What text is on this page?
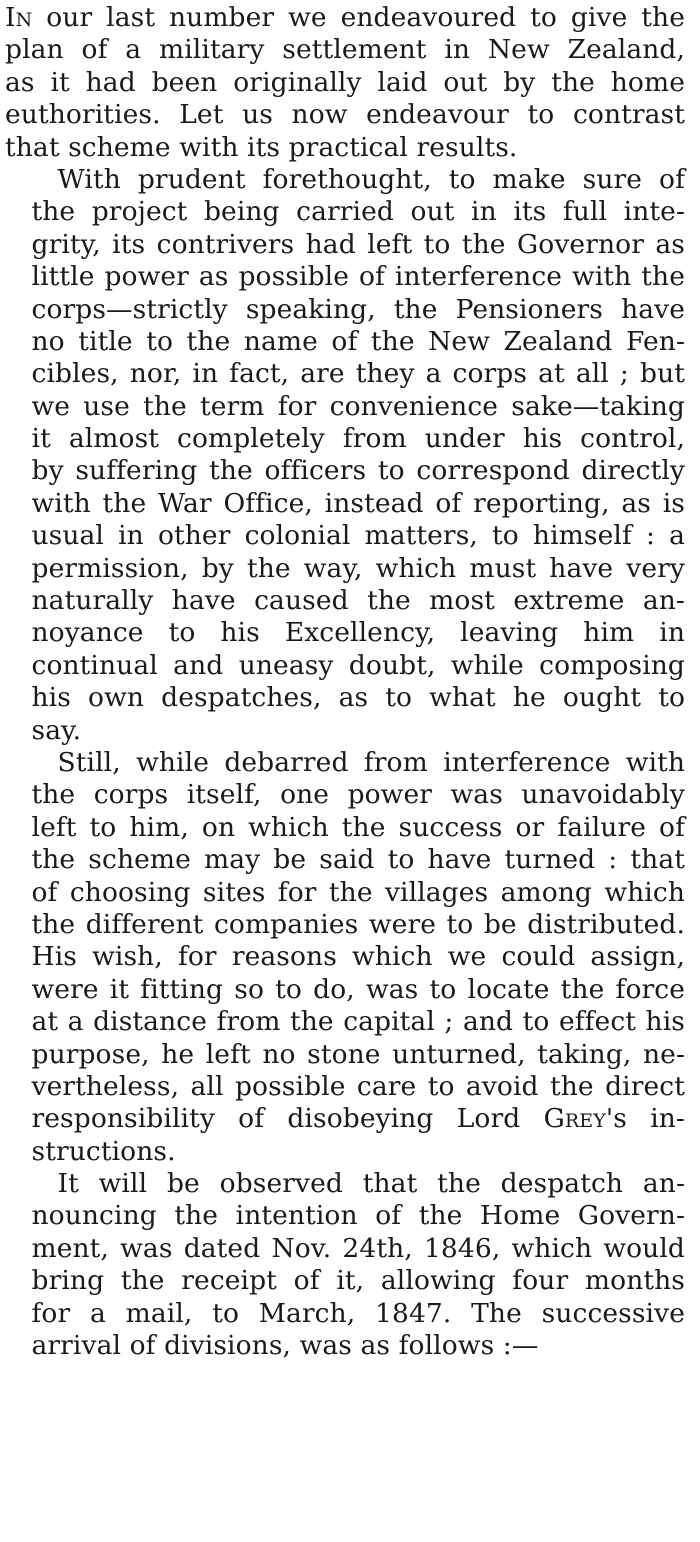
In our last number we endeavoured to give the
plan of a military settlement in New Zealand,
as it had been originally laid out by the home
euthorities. Let us now endeavour to contrast
that scheme with its practical results.
With prudent forethought, to make sure of
the project being carried out in its full inte-
grity, its contrivers had left to the Governor as
little power as possible of interference with the
corps—strictly speaking, the Pensioners have
no title to the name of the New Zealand Fen-
cibles, nor, in fact, are they a corps at all ; but
we use the term for convenience sake—taking
it almost completely from under his control,
by suffering the officers to correspond directly
with the War Office, instead of reporting, as is
usual in other colonial matters, to himself : a
permission, by the way, which must have very
naturally have caused the most extreme an-
noyance to his Excellency, leaving him in
continual and uneasy doubt, while composing
his own despatches, as to what he ought to
say.
Still, while debarred from interference with
the corps itself, one power was unavoidably
left to him, on which the success or failure of
the scheme may be said to have turned : that
of choosing sites for the villages among which
the different companies were to be distributed.
His wish, for reasons which we could assign,
were it fitting so to do, was to locate the force
at a distance from the capital ; and to effect his
purpose, he left no stone unturned, taking, ne-
vertheless, all possible care to avoid the direct
responsibility of disobeying Lord Grey's in-
structions.
It will be observed that the despatch an-
nouncing the intention of the Home Govern-
ment, was dated Nov. 24th, 1846, which would
bring the receipt of it, allowing four months
for a mail, to March, 1847. The successive
arrival of divisions, was as follows :—
